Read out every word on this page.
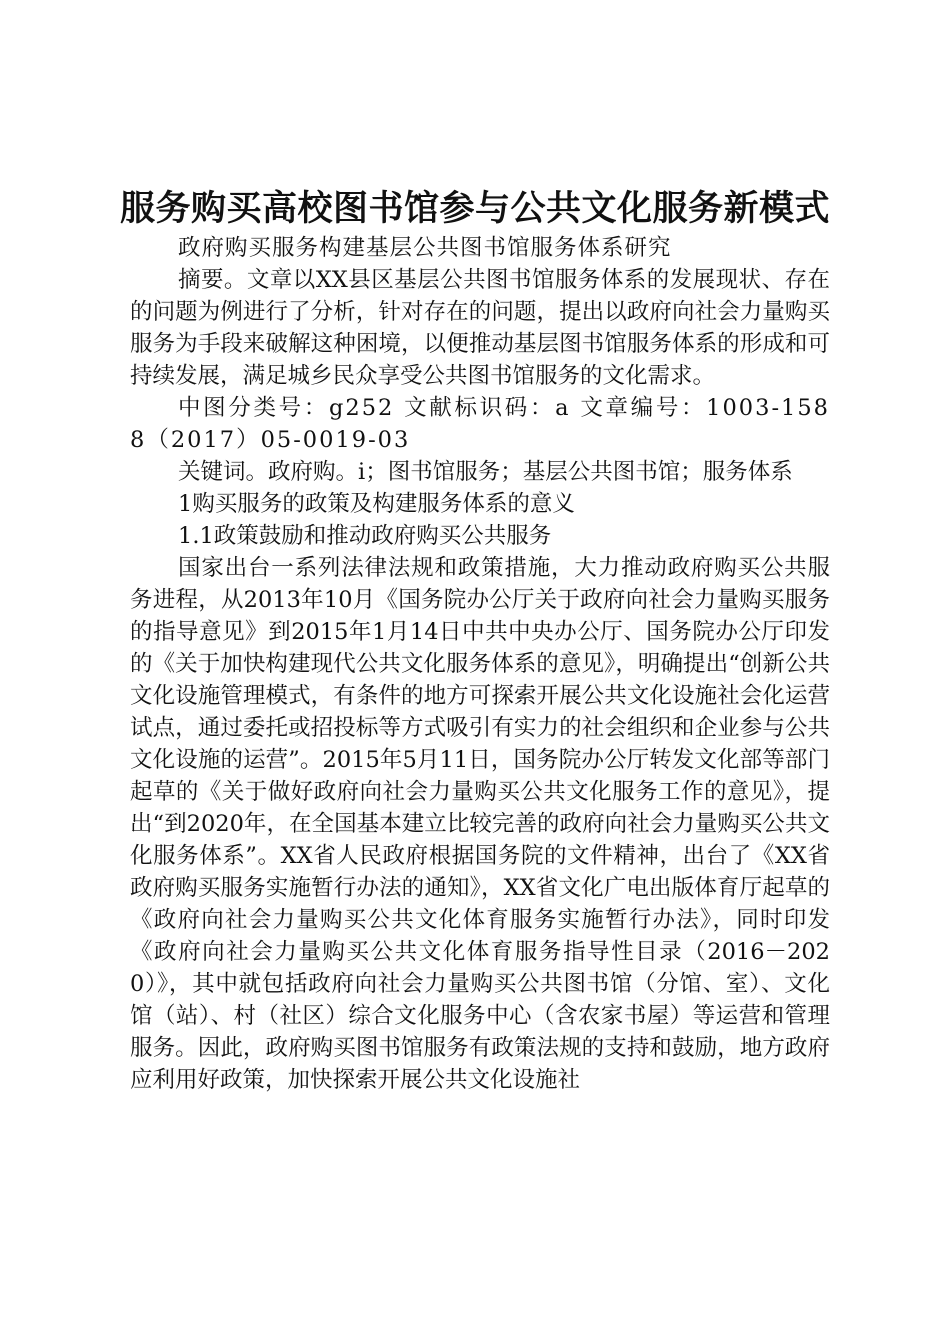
服务购买高校图书馆参与公共文化服务新模式

政府购买服务构建基层公共图书馆服务体系研究

摘要。文章以XX县区基层公共图书馆服务体系的发展现状、存在的问题为例进行了分析，针对存在的问题，提出以政府向社会力量购买服务为手段来破解这种困境，以便推动基层图书馆服务体系的形成和可持续发展，满足城乡民众享受公共图书馆服务的文化需求。

中图分类号：g252 文献标识码：a 文章编号：1003-1588（2017）05-0019-03

关键词。政府购。i；图书馆服务；基层公共图书馆；服务体系

1购买服务的政策及构建服务体系的意义

1.1政策鼓励和推动政府购买公共服务

国家出台一系列法律法规和政策措施，大力推动政府购买公共服务进程，从2013年10月《国务院办公厅关于政府向社会力量购买服务的指导意见》到2015年1月14日中共中央办公厅、国务院办公厅印发的《关于加快构建现代公共文化服务体系的意见》，明确提出“创新公共文化设施管理模式，有条件的地方可探索开展公共文化设施社会化运营试点，通过委托或招投标等方式吸引有实力的社会组织和企业参与公共文化设施的运营”。2015年5月11日，国务院办公厅转发文化部等部门起草的《关于做好政府向社会力量购买公共文化服务工作的意见》，提出“到2020年，在全国基本建立比较完善的政府向社会力量购买公共文化服务体系”。XX省人民政府根据国务院的文件精神，出台了《XX省政府购买服务实施暂行办法的通知》，XX省文化广电出版体育厅起草的《政府向社会力量购买公共文化体育服务实施暂行办法》，同时印发《政府向社会力量购买公共文化体育服务指导性目录（2016－2020）》，其中就包括政府向社会力量购买公共图书馆（分馆、室）、文化馆（站）、村（社区）综合文化服务中心（含农家书屋）等运营和管理服务。因此，政府购买图书馆服务有政策法规的支持和鼓励，地方政府应利用好政策，加快探索开展公共文化设施社
